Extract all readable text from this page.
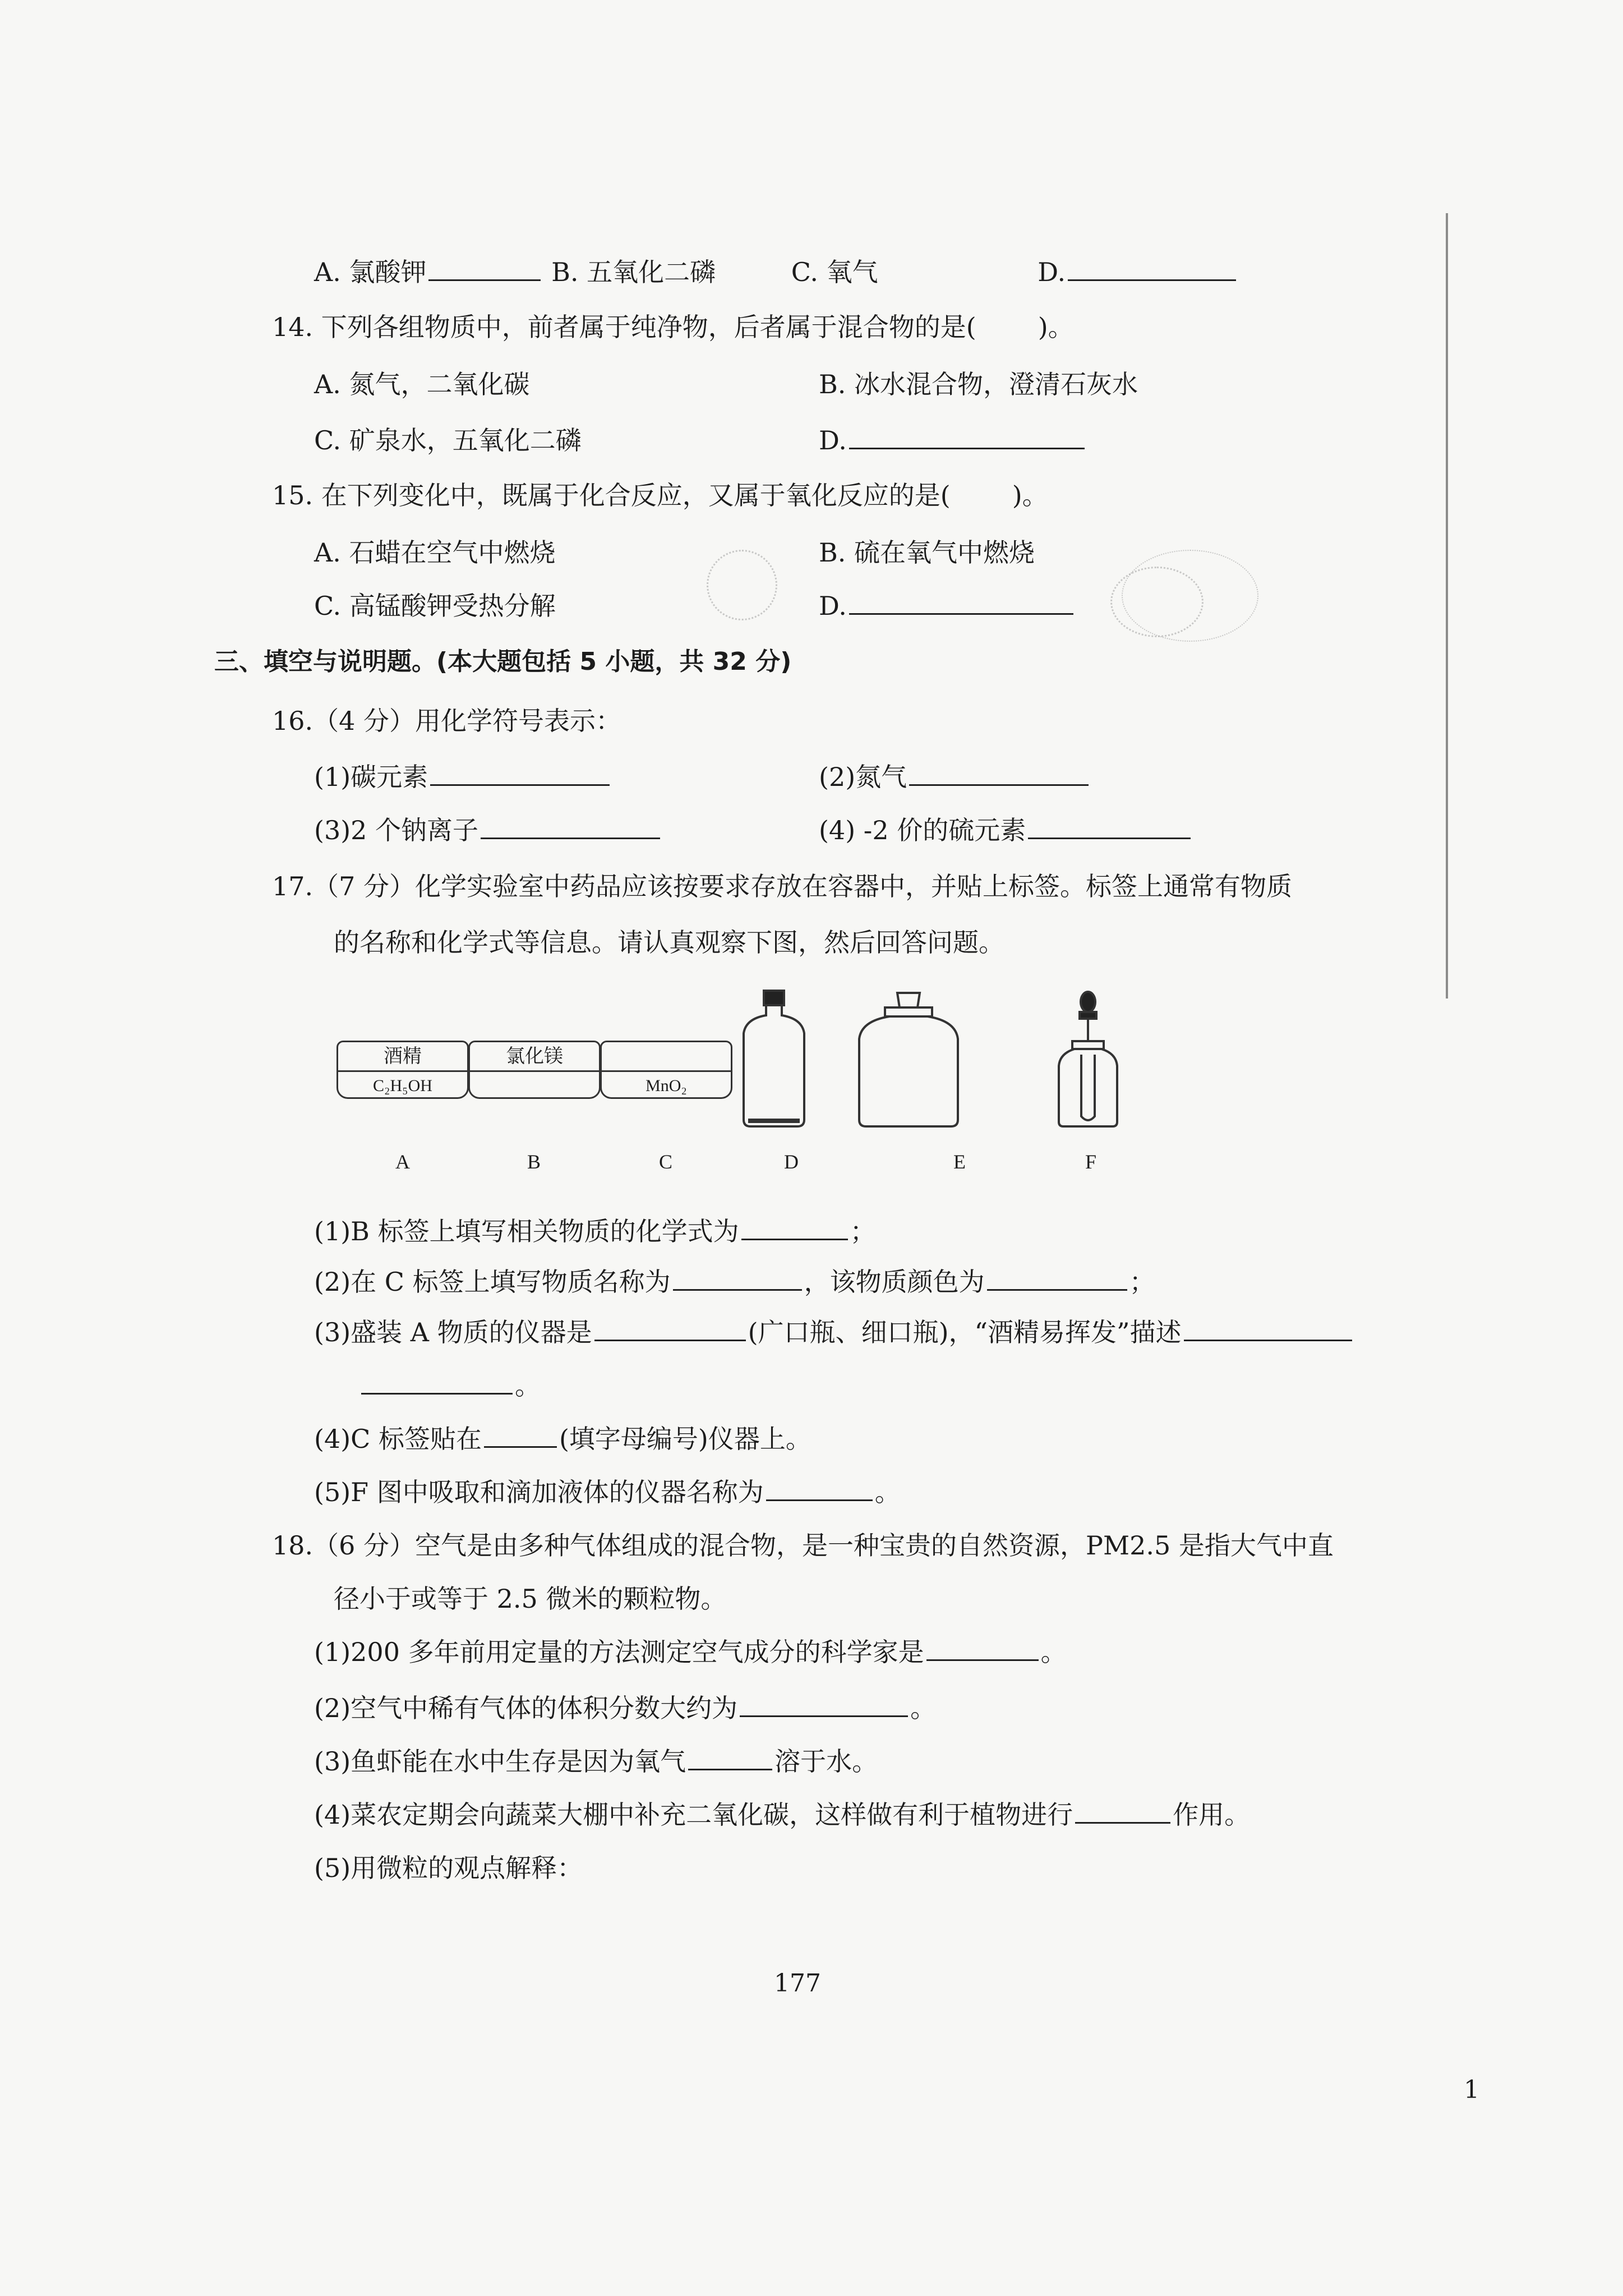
A. 氯酸钾	B. 五氧化二磷	C. 氧气	D.
14. 下列各组物质中，前者属于纯净物，后者属于混合物的是( )。
A. 氮气，二氧化碳	B. 冰水混合物，澄清石灰水
C. 矿泉水，五氧化二磷	D.
15. 在下列变化中，既属于化合反应，又属于氧化反应的是( )。
A. 石蜡在空气中燃烧	B. 硫在氧气中燃烧
C. 高锰酸钾受热分解	D.
三、填空与说明题。(本大题包括 5 小题，共 32 分)
16.（4 分）用化学符号表示：
(1)碳元素	(2)氮气
(3)2 个钠离子	(4) -2 价的硫元素
17.（7 分）化学实验室中药品应该按要求存放在容器中，并贴上标签。标签上通常有物质
的名称和化学式等信息。请认真观察下图，然后回答问题。
酒精
C₂H₅OH
氯化镁
MnO₂
A	B	C	D	E	F
(1)B 标签上填写相关物质的化学式为	；
(2)在 C 标签上填写物质名称为	，该物质颜色为	；
(3)盛装 A 物质的仪器是	(广口瓶、细口瓶)，“酒精易挥发”描述
。
(4)C 标签贴在	(填字母编号)仪器上。
(5)F 图中吸取和滴加液体的仪器名称为	。
18.（6 分）空气是由多种气体组成的混合物，是一种宝贵的自然资源，PM2.5 是指大气中直
径小于或等于 2.5 微米的颗粒物。
(1)200 多年前用定量的方法测定空气成分的科学家是	。
(2)空气中稀有气体的体积分数大约为	。
(3)鱼虾能在水中生存是因为氧气	溶于水。
(4)菜农定期会向蔬菜大棚中补充二氧化碳，这样做有利于植物进行	作用。
(5)用微粒的观点解释：
177
1
